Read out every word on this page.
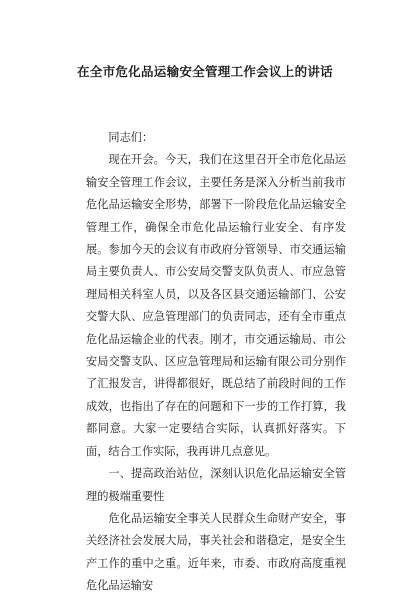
在全市危化品运输安全管理工作会议上的讲话

同志们：

现在开会。今天，我们在这里召开全市危化品运输安全管理工作会议，主要任务是深入分析当前我市危化品运输安全形势，部署下一阶段危化品运输安全管理工作，确保全市危化品运输行业安全、有序发展。参加今天的会议有市政府分管领导、市交通运输局主要负责人、市公安局交警支队负责人、市应急管理局相关科室人员，以及各区县交通运输部门、公安交警大队、应急管理部门的负责同志，还有全市重点危化品运输企业的代表。刚才，市交通运输局、市公安局交警支队、区应急管理局和运输有限公司分别作了汇报发言，讲得都很好，既总结了前段时间的工作成效，也指出了存在的问题和下一步的工作打算，我都同意。大家一定要结合实际，认真抓好落实。下面，结合工作实际，我再讲几点意见。

一、提高政治站位，深刻认识危化品运输安全管理的极端重要性

危化品运输安全事关人民群众生命财产安全，事关经济社会发展大局，事关社会和谐稳定，是安全生产工作的重中之重。近年来，市委、市政府高度重视危化品运输安
